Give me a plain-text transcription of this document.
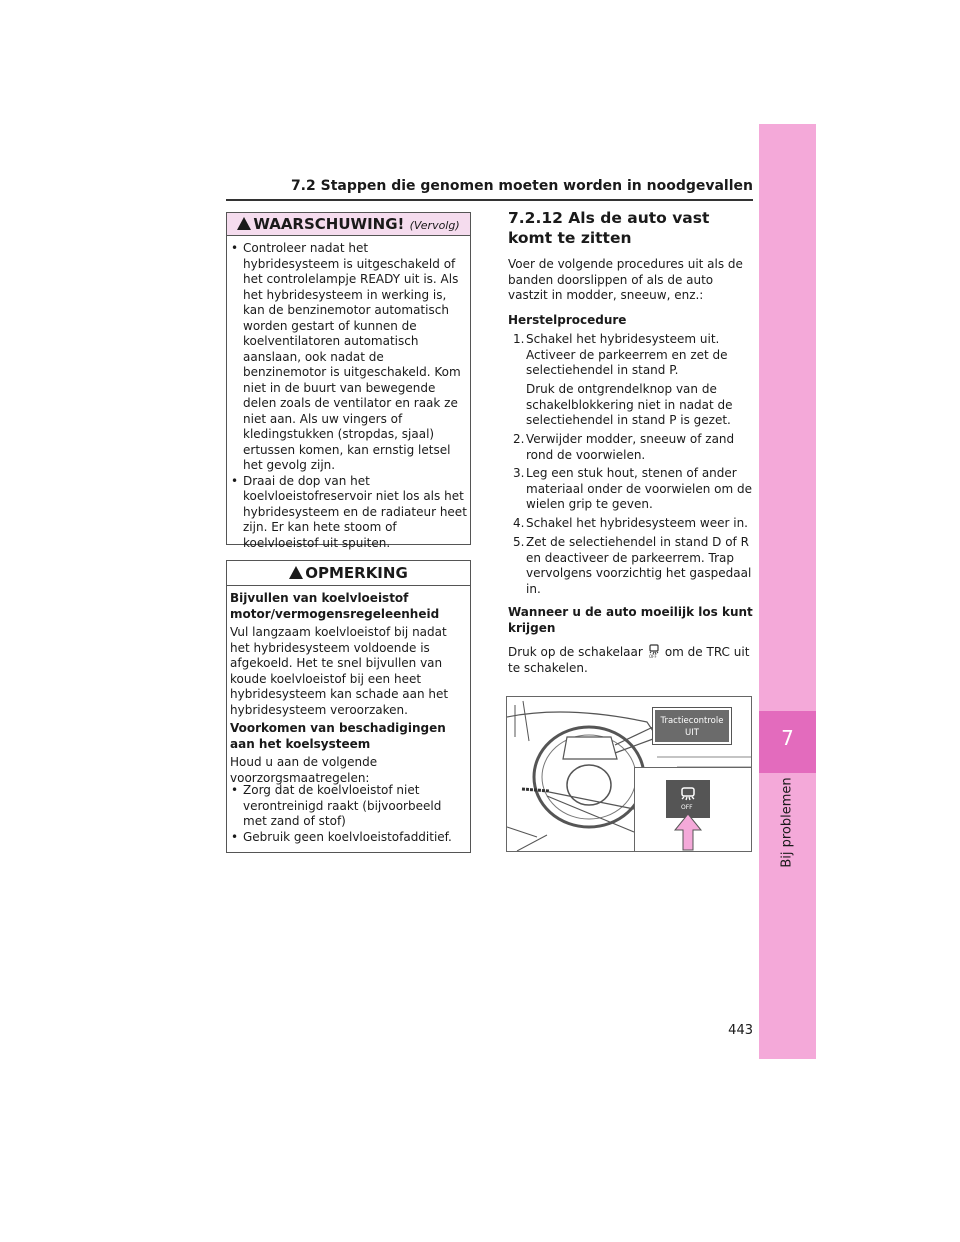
7
Bij problemen
7.2 Stappen die genomen moeten worden in noodgevallen
WAARSCHUWING! (Vervolg)
• Controleer nadat het hybridesysteem is uitgeschakeld of het controlelampje READY uit is. Als het hybridesysteem in werking is, kan de benzinemotor automatisch worden gestart of kunnen de koelventilatoren automatisch aanslaan, ook nadat de benzinemotor is uitgeschakeld. Kom niet in de buurt van bewegende delen zoals de ventilator en raak ze niet aan. Als uw vingers of kledingstukken (stropdas, sjaal) ertussen komen, kan ernstig letsel het gevolg zijn.
• Draai de dop van het koelvloeistofreservoir niet los als het hybridesysteem en de radiateur heet zijn. Er kan hete stoom of koelvloeistof uit spuiten.
OPMERKING
Bijvullen van koelvloeistof motor/vermogensregeleenheid
Vul langzaam koelvloeistof bij nadat het hybridesysteem voldoende is afgekoeld. Het te snel bijvullen van koude koelvloeistof bij een heet hybridesysteem kan schade aan het hybridesysteem veroorzaken.
Voorkomen van beschadigingen aan het koelsysteem
Houd u aan de volgende voorzorgsmaatregelen:
• Zorg dat de koelvloeistof niet verontreinigd raakt (bijvoorbeeld met zand of stof)
• Gebruik geen koelvloeistofadditief.
7.2.12 Als de auto vast komt te zitten
Voer de volgende procedures uit als de banden doorslippen of als de auto vastzit in modder, sneeuw, enz.:
Herstelprocedure
1. Schakel het hybridesysteem uit. Activeer de parkeerrem en zet de selectiehendel in stand P.
Druk de ontgrendelknop van de schakelblokkering niet in nadat de selectiehendel in stand P is gezet.
2. Verwijder modder, sneeuw of zand rond de voorwielen.
3. Leg een stuk hout, stenen of ander materiaal onder de voorwielen om de wielen grip te geven.
4. Schakel het hybridesysteem weer in.
5. Zet de selectiehendel in stand D of R en deactiveer de parkeerrem. Trap vervolgens voorzichtig het gaspedaal in.
Wanneer u de auto moeilijk los kunt krijgen
Druk op de schakelaar OFF om de TRC uit te schakelen.
Tractiecontrole UIT
OFF
443
